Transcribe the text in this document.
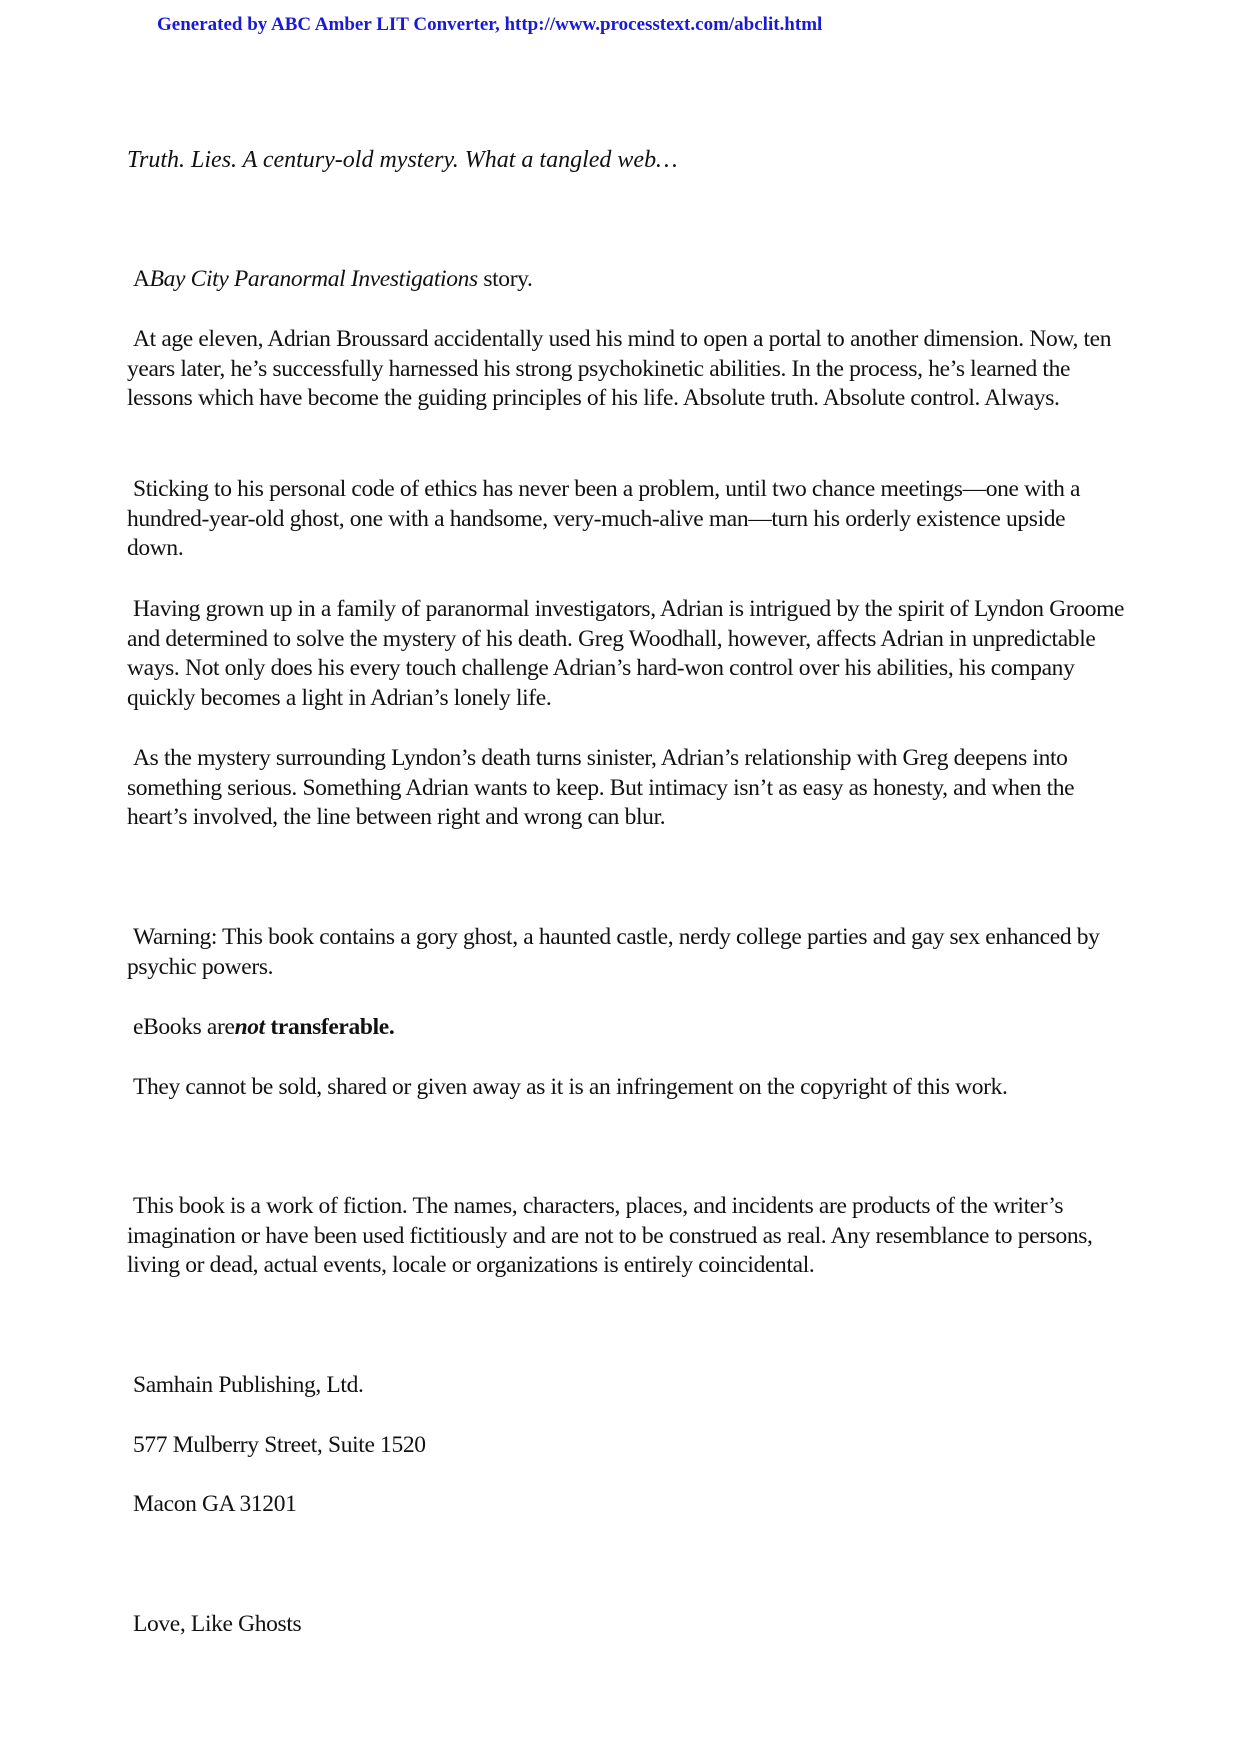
Generated by ABC Amber LIT Converter, http://www.processtext.com/abclit.html

Truth. Lies. A century-old mystery. What a tangled web…

ABay City Paranormal Investigations story.

At age eleven, Adrian Broussard accidentally used his mind to open a portal to another dimension. Now, ten years later, he’s successfully harnessed his strong psychokinetic abilities. In the process, he’s learned the lessons which have become the guiding principles of his life. Absolute truth. Absolute control. Always.

Sticking to his personal code of ethics has never been a problem, until two chance meetings—one with a hundred-year-old ghost, one with a handsome, very-much-alive man—turn his orderly existence upside down.

Having grown up in a family of paranormal investigators, Adrian is intrigued by the spirit of Lyndon Groome and determined to solve the mystery of his death. Greg Woodhall, however, affects Adrian in unpredictable ways. Not only does his every touch challenge Adrian’s hard-won control over his abilities, his company quickly becomes a light in Adrian’s lonely life.

As the mystery surrounding Lyndon’s death turns sinister, Adrian’s relationship with Greg deepens into something serious. Something Adrian wants to keep. But intimacy isn’t as easy as honesty, and when the heart’s involved, the line between right and wrong can blur.

Warning: This book contains a gory ghost, a haunted castle, nerdy college parties and gay sex enhanced by psychic powers.

eBooks arenot transferable.

They cannot be sold, shared or given away as it is an infringement on the copyright of this work.

This book is a work of fiction. The names, characters, places, and incidents are products of the writer’s imagination or have been used fictitiously and are not to be construed as real. Any resemblance to persons, living or dead, actual events, locale or organizations is entirely coincidental.

Samhain Publishing, Ltd.

577 Mulberry Street, Suite 1520

Macon GA 31201

Love, Like Ghosts
